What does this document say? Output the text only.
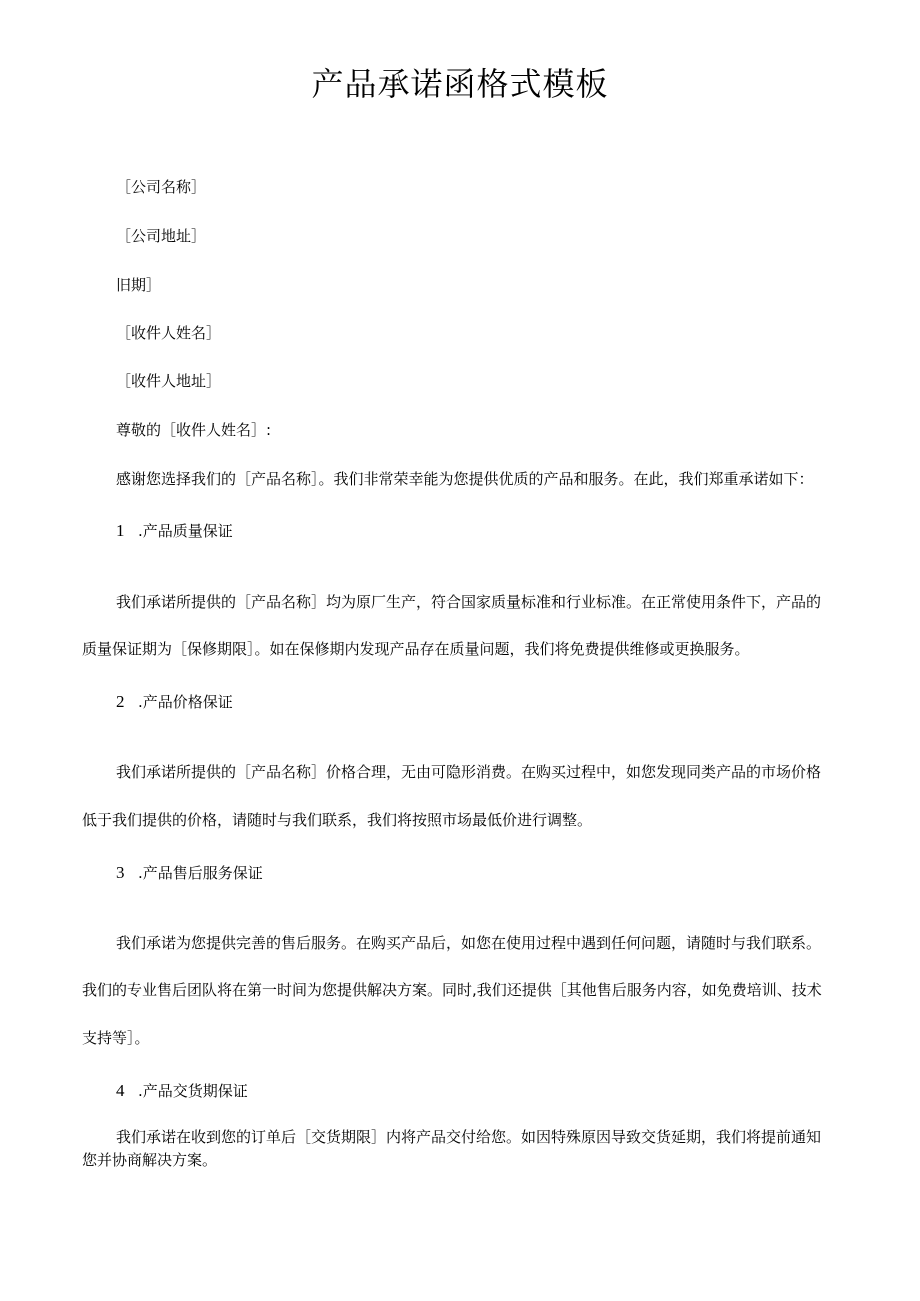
产品承诺函格式模板

［公司名称］

［公司地址］

旧期］

［收件人姓名］

［收件人地址］

尊敬的［收件人姓名］:

感谢您选择我们的［产品名称］。我们非常荣幸能为您提供优质的产品和服务。在此，我们郑重承诺如下：

1 .产品质量保证

我们承诺所提供的［产品名称］均为原厂生产，符合国家质量标准和行业标准。在正常使用条件下，产品的

质量保证期为［保修期限］。如在保修期内发现产品存在质量问题，我们将免费提供维修或更换服务。

2 .产品价格保证

我们承诺所提供的［产品名称］价格合理，无由可隐形消费。在购买过程中，如您发现同类产品的市场价格

低于我们提供的价格，请随时与我们联系，我们将按照市场最低价进行调整。

3 .产品售后服务保证

我们承诺为您提供完善的售后服务。在购买产品后，如您在使用过程中遇到任何问题，请随时与我们联系。

我们的专业售后团队将在第一时间为您提供解决方案。同时,我们还提供［其他售后服务内容，如免费培训、技术

支持等］。

4 .产品交货期保证

我们承诺在收到您的订单后［交货期限］内将产品交付给您。如因特殊原因导致交货延期，我们将提前通知

您并协商解决方案。
